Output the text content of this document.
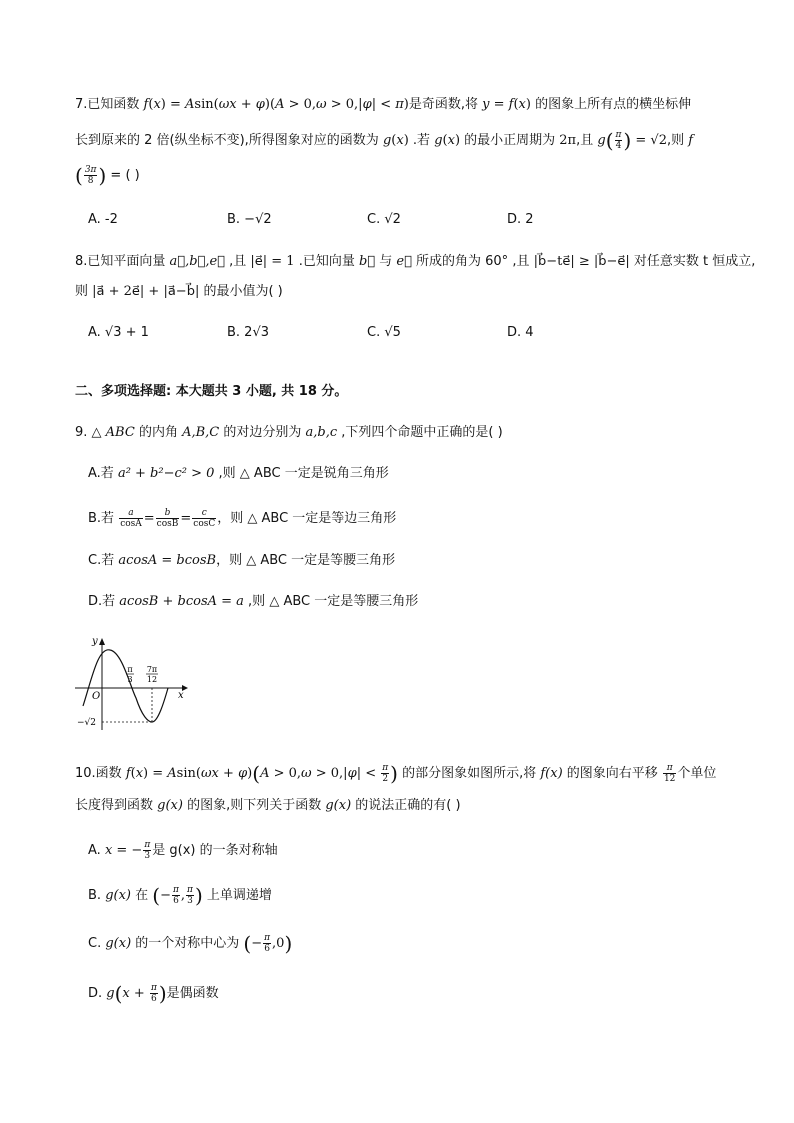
7.已知函数 f(x) = Asin(ωx + φ)(A > 0,ω > 0,|φ| < π)是奇函数,将 y = f(x) 的图象上所有点的横坐标伸
长到原来的 2 倍(纵坐标不变),所得图象对应的函数为 g(x) .若 g(x) 的最小正周期为 2π,且 $g( \frac{\pi}{4}$ ) = √2,则 f
( $\frac{3\pi}{8}$ ) = ( )
A. -2	B. −√2	C. √2	D. 2
8.已知平面向量 a⃗,b⃗,e⃗ ,且 |e⃗| = 1 .已知向量 b⃗ 与 e⃗ 所成的角为 60° ,且 |b⃗−te⃗| ≥ |b⃗−e⃗| 对任意实数 t 恒成立,
则 |a⃗ + 2e⃗| + |a⃗−b⃗| 的最小值为( )
A. √3 + 1	B. 2√3	C. √5	D. 4
二、多项选择题: 本大题共 3 小题, 共 18 分。
9. △ ABC 的内角 A,B,C 的对边分别为 a,b,c ,下列四个命题中正确的是( )
A.若 a² + b²−c² > 0 ,则 △ ABC 一定是锐角三角形
B.若 $\frac{a}{\cos A} = \frac{b}{\cos B} = \frac{c}{\cos C}$ ，则 △ ABC 一定是等边三角形
C.若 acosA = bcosB，则 △ ABC 一定是等腰三角形
D.若 acosB + bcosA = a ,则 △ ABC 一定是等腰三角形
y
x
O
π
3
7π
12
−√2
10.函数 $f(x) = Asin(\omega x + \varphi)(A > 0,\omega > 0,|\varphi| < \frac{\pi}{2}$ ) 的部分图象如图所示,将 f(x) 的图象向右平移 $\frac{\pi}{12}$ 个单位
长度得到函数 g(x) 的图象,则下列关于函数 g(x) 的说法正确的有( )
A. x = − $\frac{\pi}{3}$ 是 g(x) 的一条对称轴
B. g(x) 在 (− $\frac{\pi}{6}$ , $\frac{\pi}{3}$ ) 上单调递增
C. g(x) 的一个对称中心为 (− $\frac{\pi}{6} ,0$)
D. $g(x + \frac{\pi}{6}$ )是偶函数
